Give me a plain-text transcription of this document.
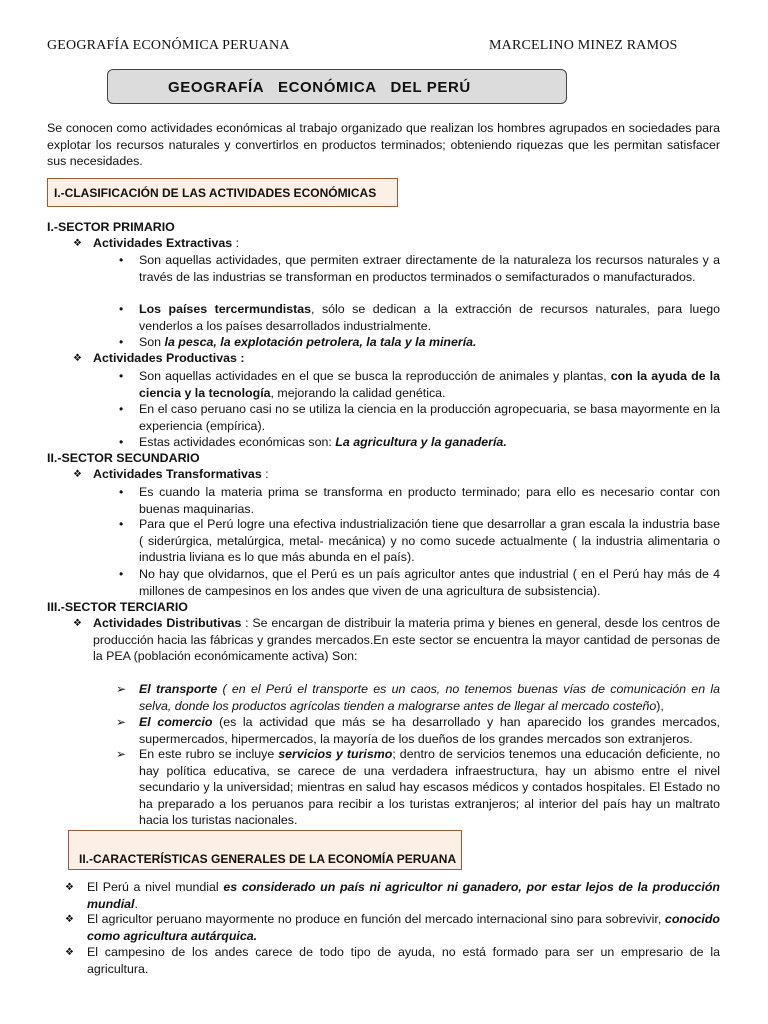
GEOGRAFÍA ECONÓMICA PERUANA	MARCELINO MINEZ RAMOS
GEOGRAFÍA   ECONÓMICA   DEL PERÚ
Se conocen como actividades económicas al trabajo organizado que realizan los hombres agrupados en sociedades para explotar los recursos naturales y convertirlos en productos terminados; obteniendo riquezas que les permitan satisfacer sus necesidades.
I.-CLASIFICACIÓN DE LAS ACTIVIDADES ECONÓMICAS
I.-SECTOR PRIMARIO
❖ Actividades Extractivas :
• Son aquellas actividades, que permiten extraer directamente de la naturaleza los recursos naturales y a través de las industrias se transforman en productos terminados o semifacturados o manufacturados.
• Los países tercermundistas, sólo se dedican a la extracción de recursos naturales, para luego venderlos a los países desarrollados industrialmente.
• Son la pesca, la explotación petrolera, la tala y la minería.
❖ Actividades Productivas :
• Son aquellas actividades en el que se busca la reproducción de animales y plantas, con la ayuda de la ciencia y la tecnología, mejorando la calidad genética.
• En el caso peruano casi no se utiliza la ciencia en la producción agropecuaria, se basa mayormente en la experiencia (empírica).
• Estas actividades económicas son: La agricultura y la ganadería.
II.-SECTOR SECUNDARIO
❖ Actividades Transformativas :
• Es cuando la materia prima se transforma en producto terminado; para ello es necesario contar con buenas maquinarias.
• Para que el Perú logre una efectiva industrialización tiene que desarrollar a gran escala la industria base ( siderúrgica, metalúrgica, metal- mecánica) y no como sucede actualmente ( la industria alimentaria o industria liviana es lo que más abunda en el país).
• No hay que olvidarnos, que el Perú es un país agricultor antes que industrial ( en el Perú hay más de 4 millones de campesinos en los andes que viven de una agricultura de subsistencia).
III.-SECTOR TERCIARIO
❖ Actividades Distributivas : Se encargan de distribuir la materia prima y bienes en general, desde los centros de producción hacia las fábricas y grandes mercados.En este sector se encuentra la mayor cantidad de personas de la PEA (población económicamente activa) Son:
➢ El transporte ( en el Perú el transporte es un caos, no tenemos buenas vías de comunicación en la selva, donde los productos agrícolas tienden a malograrse antes de llegar al mercado costeño),
➢ El comercio (es la actividad que más se ha desarrollado y han aparecido los grandes mercados, supermercados, hipermercados, la mayoría de los dueños de los grandes mercados son extranjeros.
➢ En este rubro se incluye servicios y turismo; dentro de servicios tenemos una educación deficiente, no hay política educativa, se carece de una verdadera infraestructura, hay un abismo entre el nivel secundario y la universidad; mientras en salud hay escasos médicos y contados hospitales. El Estado no ha preparado a los peruanos para recibir a los turistas extranjeros; al interior del país hay un maltrato hacia los turistas nacionales.
II.-CARACTERÍSTICAS GENERALES DE LA ECONOMÍA PERUANA
❖ El Perú a nivel mundial es considerado un país ni agricultor ni ganadero, por estar lejos de la producción mundial.
❖ El agricultor peruano mayormente no produce en función del mercado internacional sino para sobrevivir, conocido como agricultura autárquica.
❖ El campesino de los andes carece de todo tipo de ayuda, no está formado para ser un empresario de la agricultura.
